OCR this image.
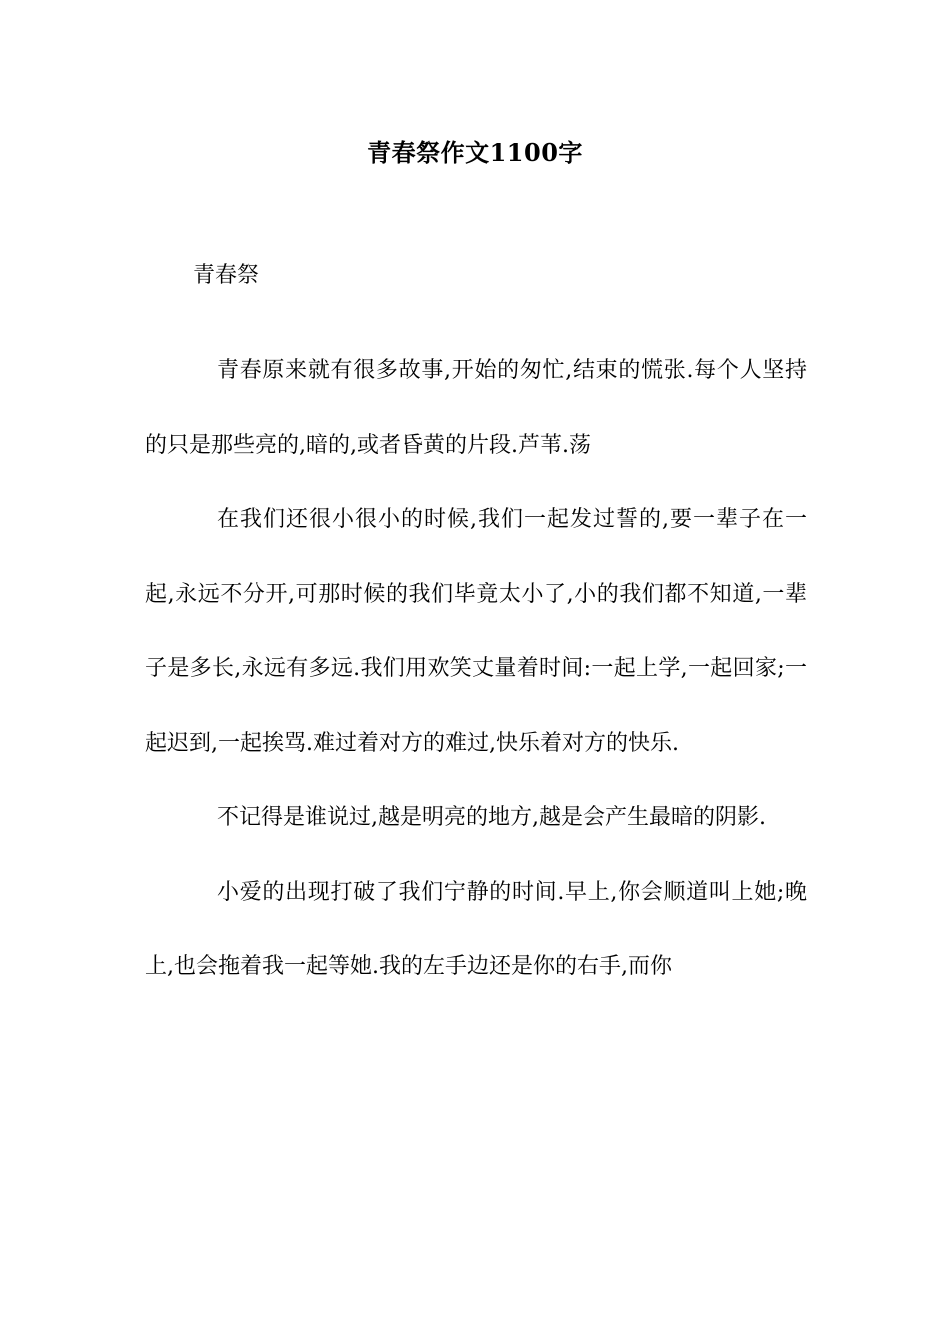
青春祭作文1100字
青春祭

青春原来就有很多故事,开始的匆忙,结束的慌张.每个人坚持的只是那些亮的,暗的,或者昏黄的片段.芦苇.荡

在我们还很小很小的时候,我们一起发过誓的,要一辈子在一起,永远不分开,可那时候的我们毕竟太小了,小的我们都不知道,一辈子是多长,永远有多远.我们用欢笑丈量着时间:一起上学,一起回家;一起迟到,一起挨骂.难过着对方的难过,快乐着对方的快乐.

不记得是谁说过,越是明亮的地方,越是会产生最暗的阴影.

小爱的出现打破了我们宁静的时间.早上,你会顺道叫上她;晚上,也会拖着我一起等她.我的左手边还是你的右手,而你
